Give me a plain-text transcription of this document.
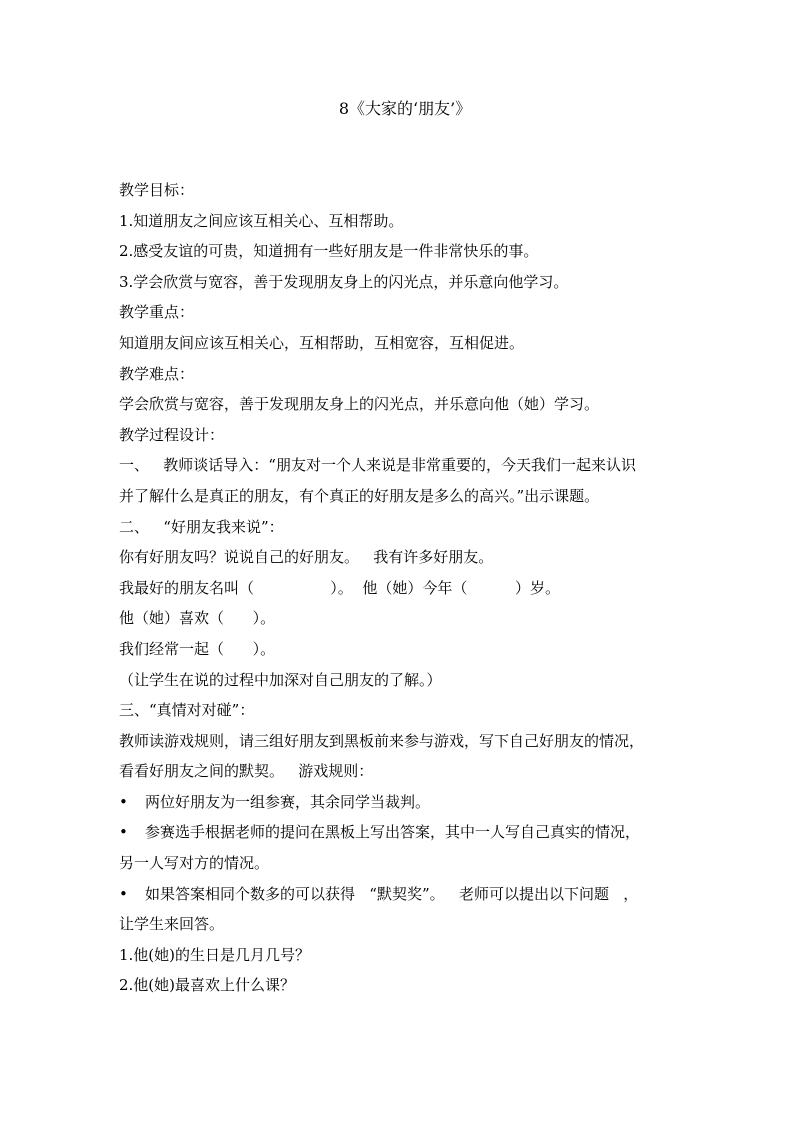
8《大家的‘朋友’》
教学目标：
1.知道朋友之间应该互相关心、互相帮助。
2.感受友谊的可贵，知道拥有一些好朋友是一件非常快乐的事。
3.学会欣赏与宽容，善于发现朋友身上的闪光点，并乐意向他学习。
教学重点：
知道朋友间应该互相关心，互相帮助，互相宽容，互相促进。
教学难点：
学会欣赏与宽容，善于发现朋友身上的闪光点，并乐意向他（她）学习。
教学过程设计：
一、   教师谈话导入：“朋友对一个人来说是非常重要的，今天我们一起来认识
并了解什么是真正的朋友，有个真正的好朋友是多么的高兴。”出示课题。
二、   “好朋友我来说”：
你有好朋友吗？说说自己的好朋友。   我有许多好朋友。
我最好的朋友名叫（                ）。  他（她）今年（          ）岁。
他（她）喜欢（      ）。
我们经常一起（      ）。
（让学生在说的过程中加深对自己朋友的了解。）
三、“真情对对碰”：
教师读游戏规则，请三组好朋友到黑板前来参与游戏，写下自己好朋友的情况，
看看好朋友之间的默契。   游戏规则：
• 两位好朋友为一组参赛，其余同学当裁判。
• 参赛选手根据老师的提问在黑板上写出答案，其中一人写自己真实的情况，
另一人写对方的情况。
• 如果答案相同个数多的可以获得   “默契奖”。   老师可以提出以下问题   ，
让学生来回答。
1.他(她)的生日是几月几号？
2.他(她)最喜欢上什么课？
